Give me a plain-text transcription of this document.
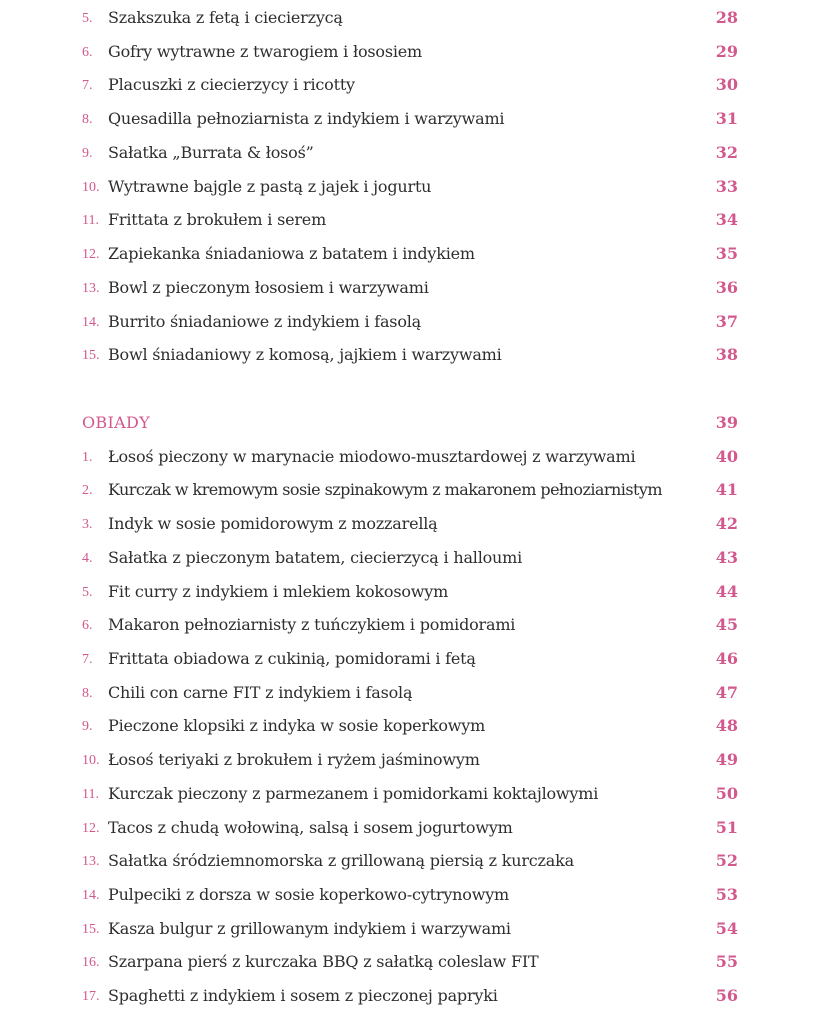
5. Szakszuka z fetą i ciecierzycą	28
6. Gofry wytrawne z twarogiem i łososiem	29
7. Placuszki z ciecierzycy i ricotty	30
8. Quesadilla pełnoziarnista z indykiem i warzywami	31
9. Sałatka „Burrata & łosoś”	32
10. Wytrawne bajgle z pastą z jajek i jogurtu	33
11. Frittata z brokułem i serem	34
12. Zapiekanka śniadaniowa z batatem i indykiem	35
13. Bowl z pieczonym łososiem i warzywami	36
14. Burrito śniadaniowe z indykiem i fasolą	37
15. Bowl śniadaniowy z komosą, jajkiem i warzywami	38
OBIADY	39
1. Łosoś pieczony w marynacie miodowo-musztardowej z warzywami	40
2. Kurczak w kremowym sosie szpinakowym z makaronem pełnoziarnistym	41
3. Indyk w sosie pomidorowym z mozzarellą	42
4. Sałatka z pieczonym batatem, ciecierzycą i halloumi	43
5. Fit curry z indykiem i mlekiem kokosowym	44
6. Makaron pełnoziarnisty z tuńczykiem i pomidorami	45
7. Frittata obiadowa z cukinią, pomidorami i fetą	46
8. Chili con carne FIT z indykiem i fasolą	47
9. Pieczone klopsiki z indyka w sosie koperkowym	48
10. Łosoś teriyaki z brokułem i ryżem jaśminowym	49
11. Kurczak pieczony z parmezanem i pomidorkami koktajlowymi	50
12. Tacos z chudą wołowiną, salsą i sosem jogurtowym	51
13. Sałatka śródziemnomorska z grillowaną piersią z kurczaka	52
14. Pulpeciki z dorsza w sosie koperkowo-cytrynowym	53
15. Kasza bulgur z grillowanym indykiem i warzywami	54
16. Szarpana pierś z kurczaka BBQ z sałatką coleslaw FIT	55
17. Spaghetti z indykiem i sosem z pieczonej papryki	56
